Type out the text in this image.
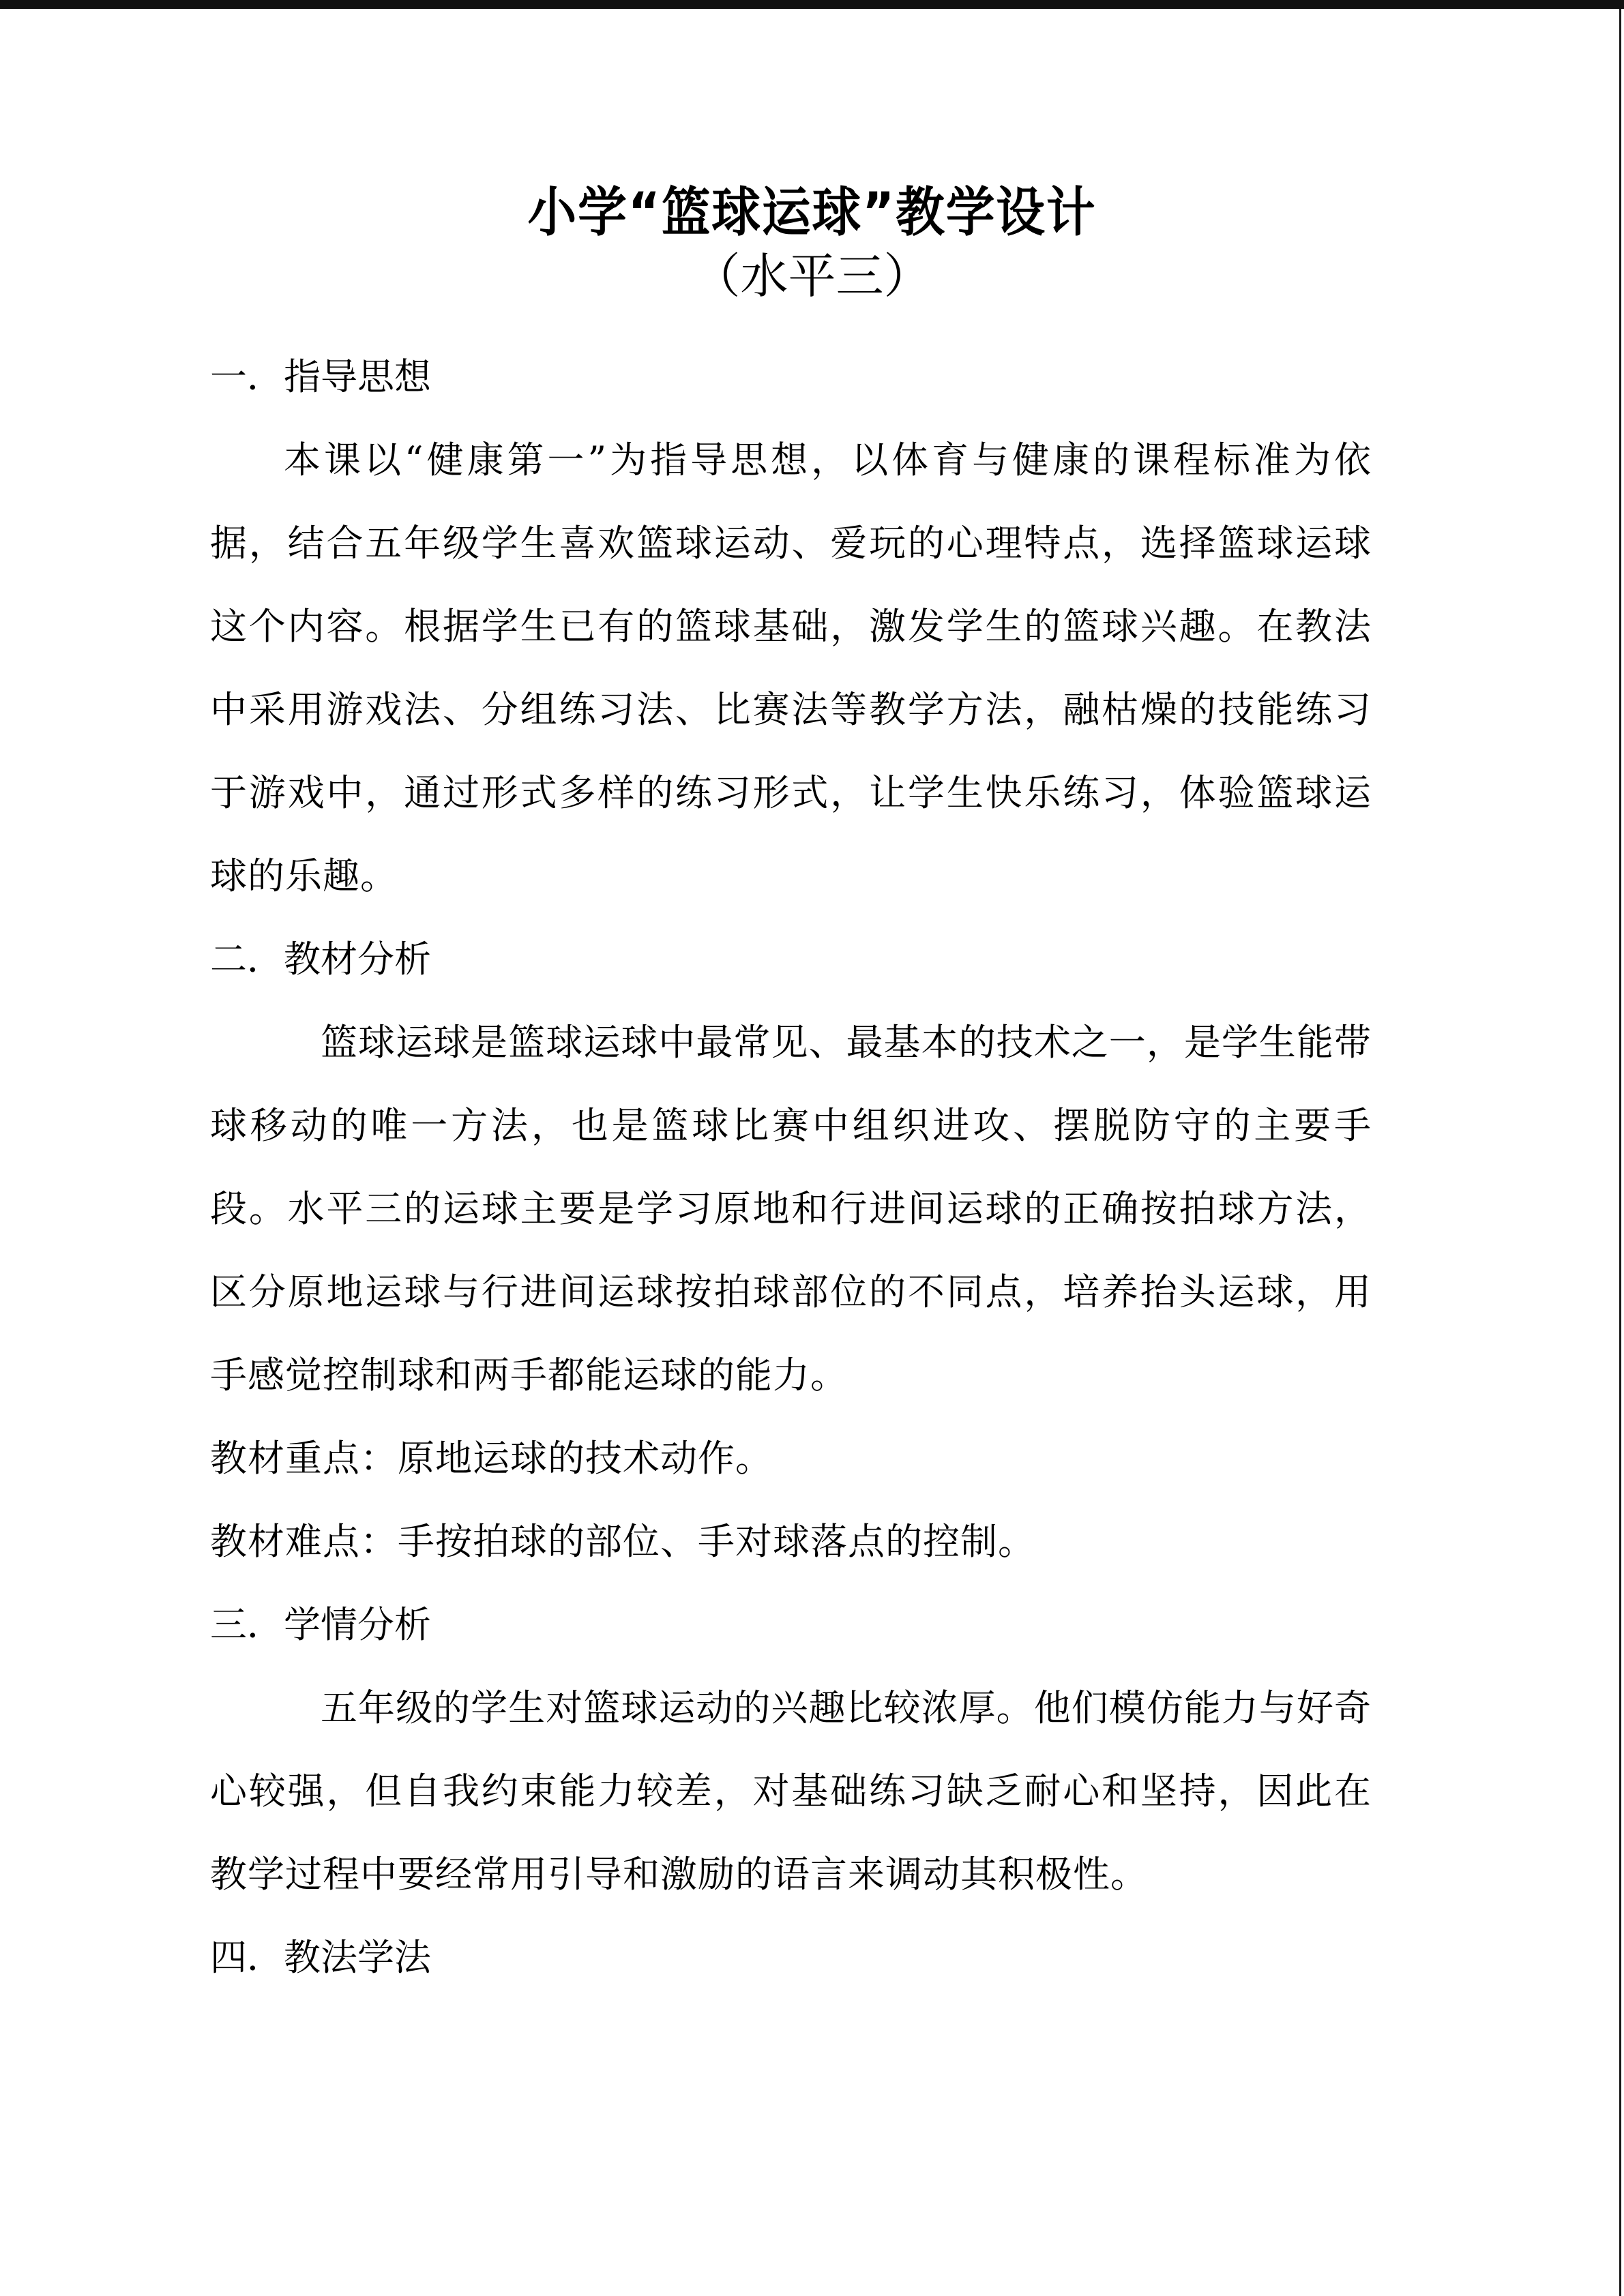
小学“篮球运球”教学设计
（水平三）
一．指导思想

本课以“健康第一”为指导思想，以体育与健康的课程标准为依据，结合五年级学生喜欢篮球运动、爱玩的心理特点，选择篮球运球这个内容。根据学生已有的篮球基础，激发学生的篮球兴趣。在教法中采用游戏法、分组练习法、比赛法等教学方法，融枯燥的技能练习于游戏中，通过形式多样的练习形式，让学生快乐练习，体验篮球运球的乐趣。

二．教材分析

篮球运球是篮球运球中最常见、最基本的技术之一，是学生能带球移动的唯一方法，也是篮球比赛中组织进攻、摆脱防守的主要手段。水平三的运球主要是学习原地和行进间运球的正确按拍球方法，区分原地运球与行进间运球按拍球部位的不同点，培养抬头运球，用手感觉控制球和两手都能运球的能力。

教材重点：原地运球的技术动作。

教材难点：手按拍球的部位、手对球落点的控制。

三．学情分析

五年级的学生对篮球运动的兴趣比较浓厚。他们模仿能力与好奇心较强，但自我约束能力较差，对基础练习缺乏耐心和坚持，因此在教学过程中要经常用引导和激励的语言来调动其积极性。

四．教法学法
